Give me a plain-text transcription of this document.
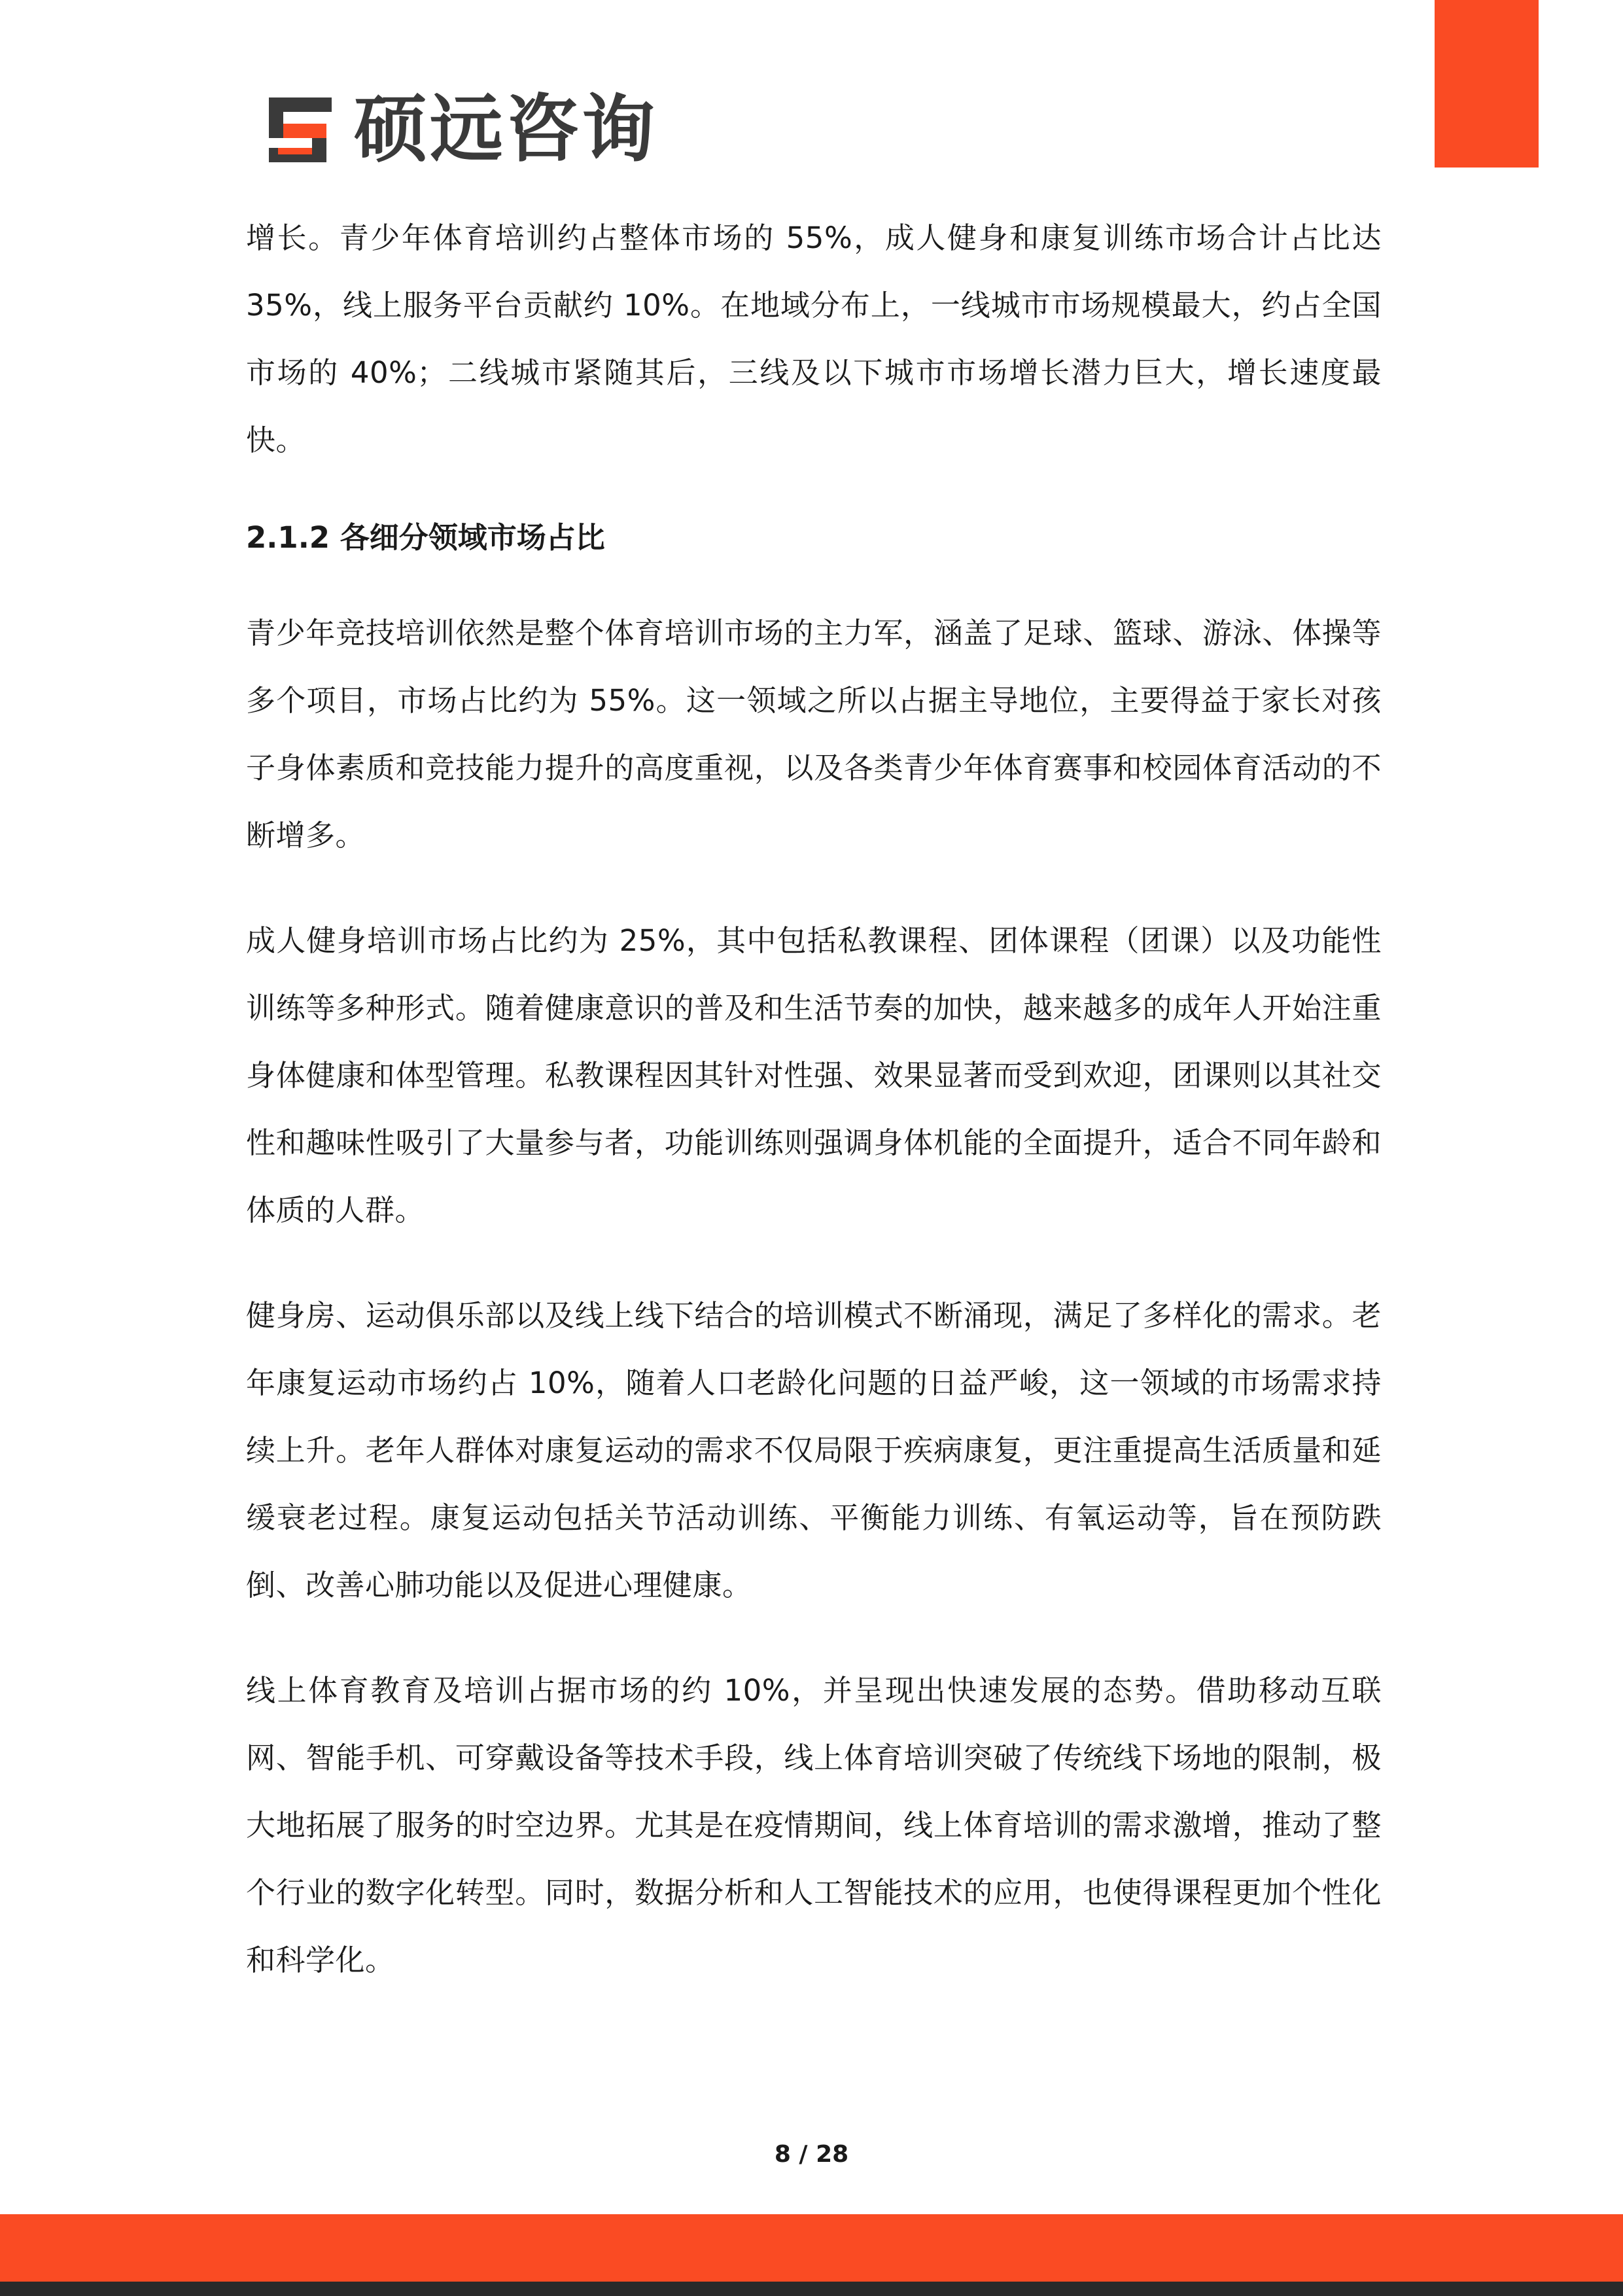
硕远咨询

增长。青少年体育培训约占整体市场的 55%，成人健身和康复训练市场合计占比达 35%，线上服务平台贡献约 10%。在地域分布上，一线城市市场规模最大，约占全国市场的 40%；二线城市紧随其后，三线及以下城市市场增长潜力巨大，增长速度最快。

2.1.2 各细分领域市场占比

青少年竞技培训依然是整个体育培训市场的主力军，涵盖了足球、篮球、游泳、体操等多个项目，市场占比约为 55%。这一领域之所以占据主导地位，主要得益于家长对孩子身体素质和竞技能力提升的高度重视，以及各类青少年体育赛事和校园体育活动的不断增多。

成人健身培训市场占比约为 25%，其中包括私教课程、团体课程（团课）以及功能性训练等多种形式。随着健康意识的普及和生活节奏的加快，越来越多的成年人开始注重身体健康和体型管理。私教课程因其针对性强、效果显著而受到欢迎，团课则以其社交性和趣味性吸引了大量参与者，功能训练则强调身体机能的全面提升，适合不同年龄和体质的人群。

健身房、运动俱乐部以及线上线下结合的培训模式不断涌现，满足了多样化的需求。老年康复运动市场约占 10%，随着人口老龄化问题的日益严峻，这一领域的市场需求持续上升。老年人群体对康复运动的需求不仅局限于疾病康复，更注重提高生活质量和延缓衰老过程。康复运动包括关节活动训练、平衡能力训练、有氧运动等，旨在预防跌倒、改善心肺功能以及促进心理健康。

线上体育教育及培训占据市场的约 10%，并呈现出快速发展的态势。借助移动互联网、智能手机、可穿戴设备等技术手段，线上体育培训突破了传统线下场地的限制，极大地拓展了服务的时空边界。尤其是在疫情期间，线上体育培训的需求激增，推动了整个行业的数字化转型。同时，数据分析和人工智能技术的应用，也使得课程更加个性化和科学化。

8 / 28
